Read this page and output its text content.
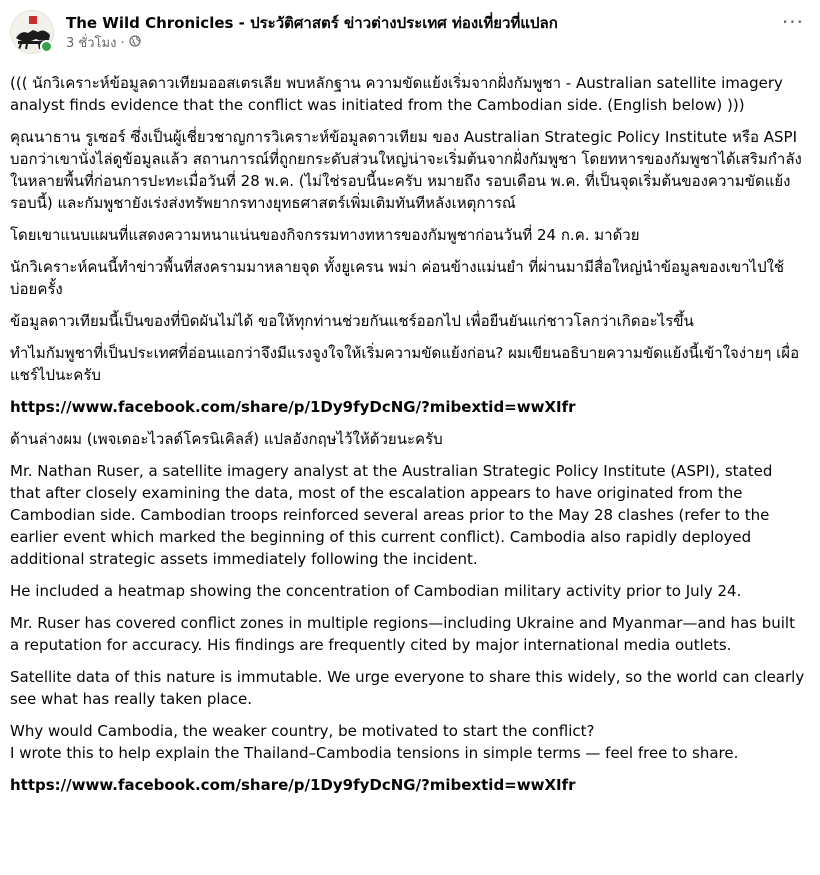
The Wild Chronicles - ประวัติศาสตร์ ข่าวต่างประเทศ ท่องเที่ยวที่แปลก
3 ชั่วโมง ·
···

((( นักวิเคราะห์ข้อมูลดาวเทียมออสเตรเลีย พบหลักฐาน ความขัดแย้งเริ่มจากฝั่งกัมพูชา - Australian satellite imagery analyst finds evidence that the conflict was initiated from the Cambodian side. (English below) )))

คุณนาธาน รูเซอร์ ซึ่งเป็นผู้เชี่ยวชาญการวิเคราะห์ข้อมูลดาวเทียม ของ Australian Strategic Policy Institute หรือ ASPI บอกว่าเขานั่งไล่ดูข้อมูลแล้ว สถานการณ์ที่ถูกยกระดับส่วนใหญ่น่าจะเริ่มต้นจากฝั่งกัมพูชา โดยทหารของกัมพูชาได้เสริมกำลังในหลายพื้นที่ก่อนการปะทะเมื่อวันที่ 28 พ.ค. (ไม่ใช่รอบนี้นะครับ หมายถึง รอบเดือน พ.ค. ที่เป็นจุดเริ่มต้นของความขัดแย้งรอบนี้) และกัมพูชายังเร่งส่งทรัพยากรทางยุทธศาสตร์เพิ่มเติมทันทีหลังเหตุการณ์

โดยเขาแนบแผนที่แสดงความหนาแน่นของกิจกรรมทางทหารของกัมพูชาก่อนวันที่ 24 ก.ค. มาด้วย

นักวิเคราะห์คนนี้ทำข่าวพื้นที่สงครามมาหลายจุด ทั้งยูเครน พม่า ค่อนข้างแม่นยำ ที่ผ่านมามีสื่อใหญ่นำข้อมูลของเขาไปใช้บ่อยครั้ง

ข้อมูลดาวเทียมนี้เป็นของที่บิดผันไม่ได้ ขอให้ทุกท่านช่วยกันแชร์ออกไป เพื่อยืนยันแก่ชาวโลกว่าเกิดอะไรขึ้น

ทำไมกัมพูชาที่เป็นประเทศที่อ่อนแอกว่าจึงมีแรงจูงใจให้เริ่มความขัดแย้งก่อน? ผมเขียนอธิบายความขัดแย้งนี้เข้าใจง่ายๆ เผื่อแชร์ไปนะครับ

https://www.facebook.com/share/p/1Dy9fyDcNG/?mibextid=wwXIfr

ด้านล่างผม (เพจเดอะไวลด์โครนิเคิลส์) แปลอังกฤษไว้ให้ด้วยนะครับ

Mr. Nathan Ruser, a satellite imagery analyst at the Australian Strategic Policy Institute (ASPI), stated that after closely examining the data, most of the escalation appears to have originated from the Cambodian side. Cambodian troops reinforced several areas prior to the May 28 clashes (refer to the earlier event which marked the beginning of this current conflict). Cambodia also rapidly deployed additional strategic assets immediately following the incident.

He included a heatmap showing the concentration of Cambodian military activity prior to July 24.

Mr. Ruser has covered conflict zones in multiple regions—including Ukraine and Myanmar—and has built a reputation for accuracy. His findings are frequently cited by major international media outlets.

Satellite data of this nature is immutable. We urge everyone to share this widely, so the world can clearly see what has really taken place.

Why would Cambodia, the weaker country, be motivated to start the conflict?
I wrote this to help explain the Thailand–Cambodia tensions in simple terms — feel free to share.

https://www.facebook.com/share/p/1Dy9fyDcNG/?mibextid=wwXIfr
